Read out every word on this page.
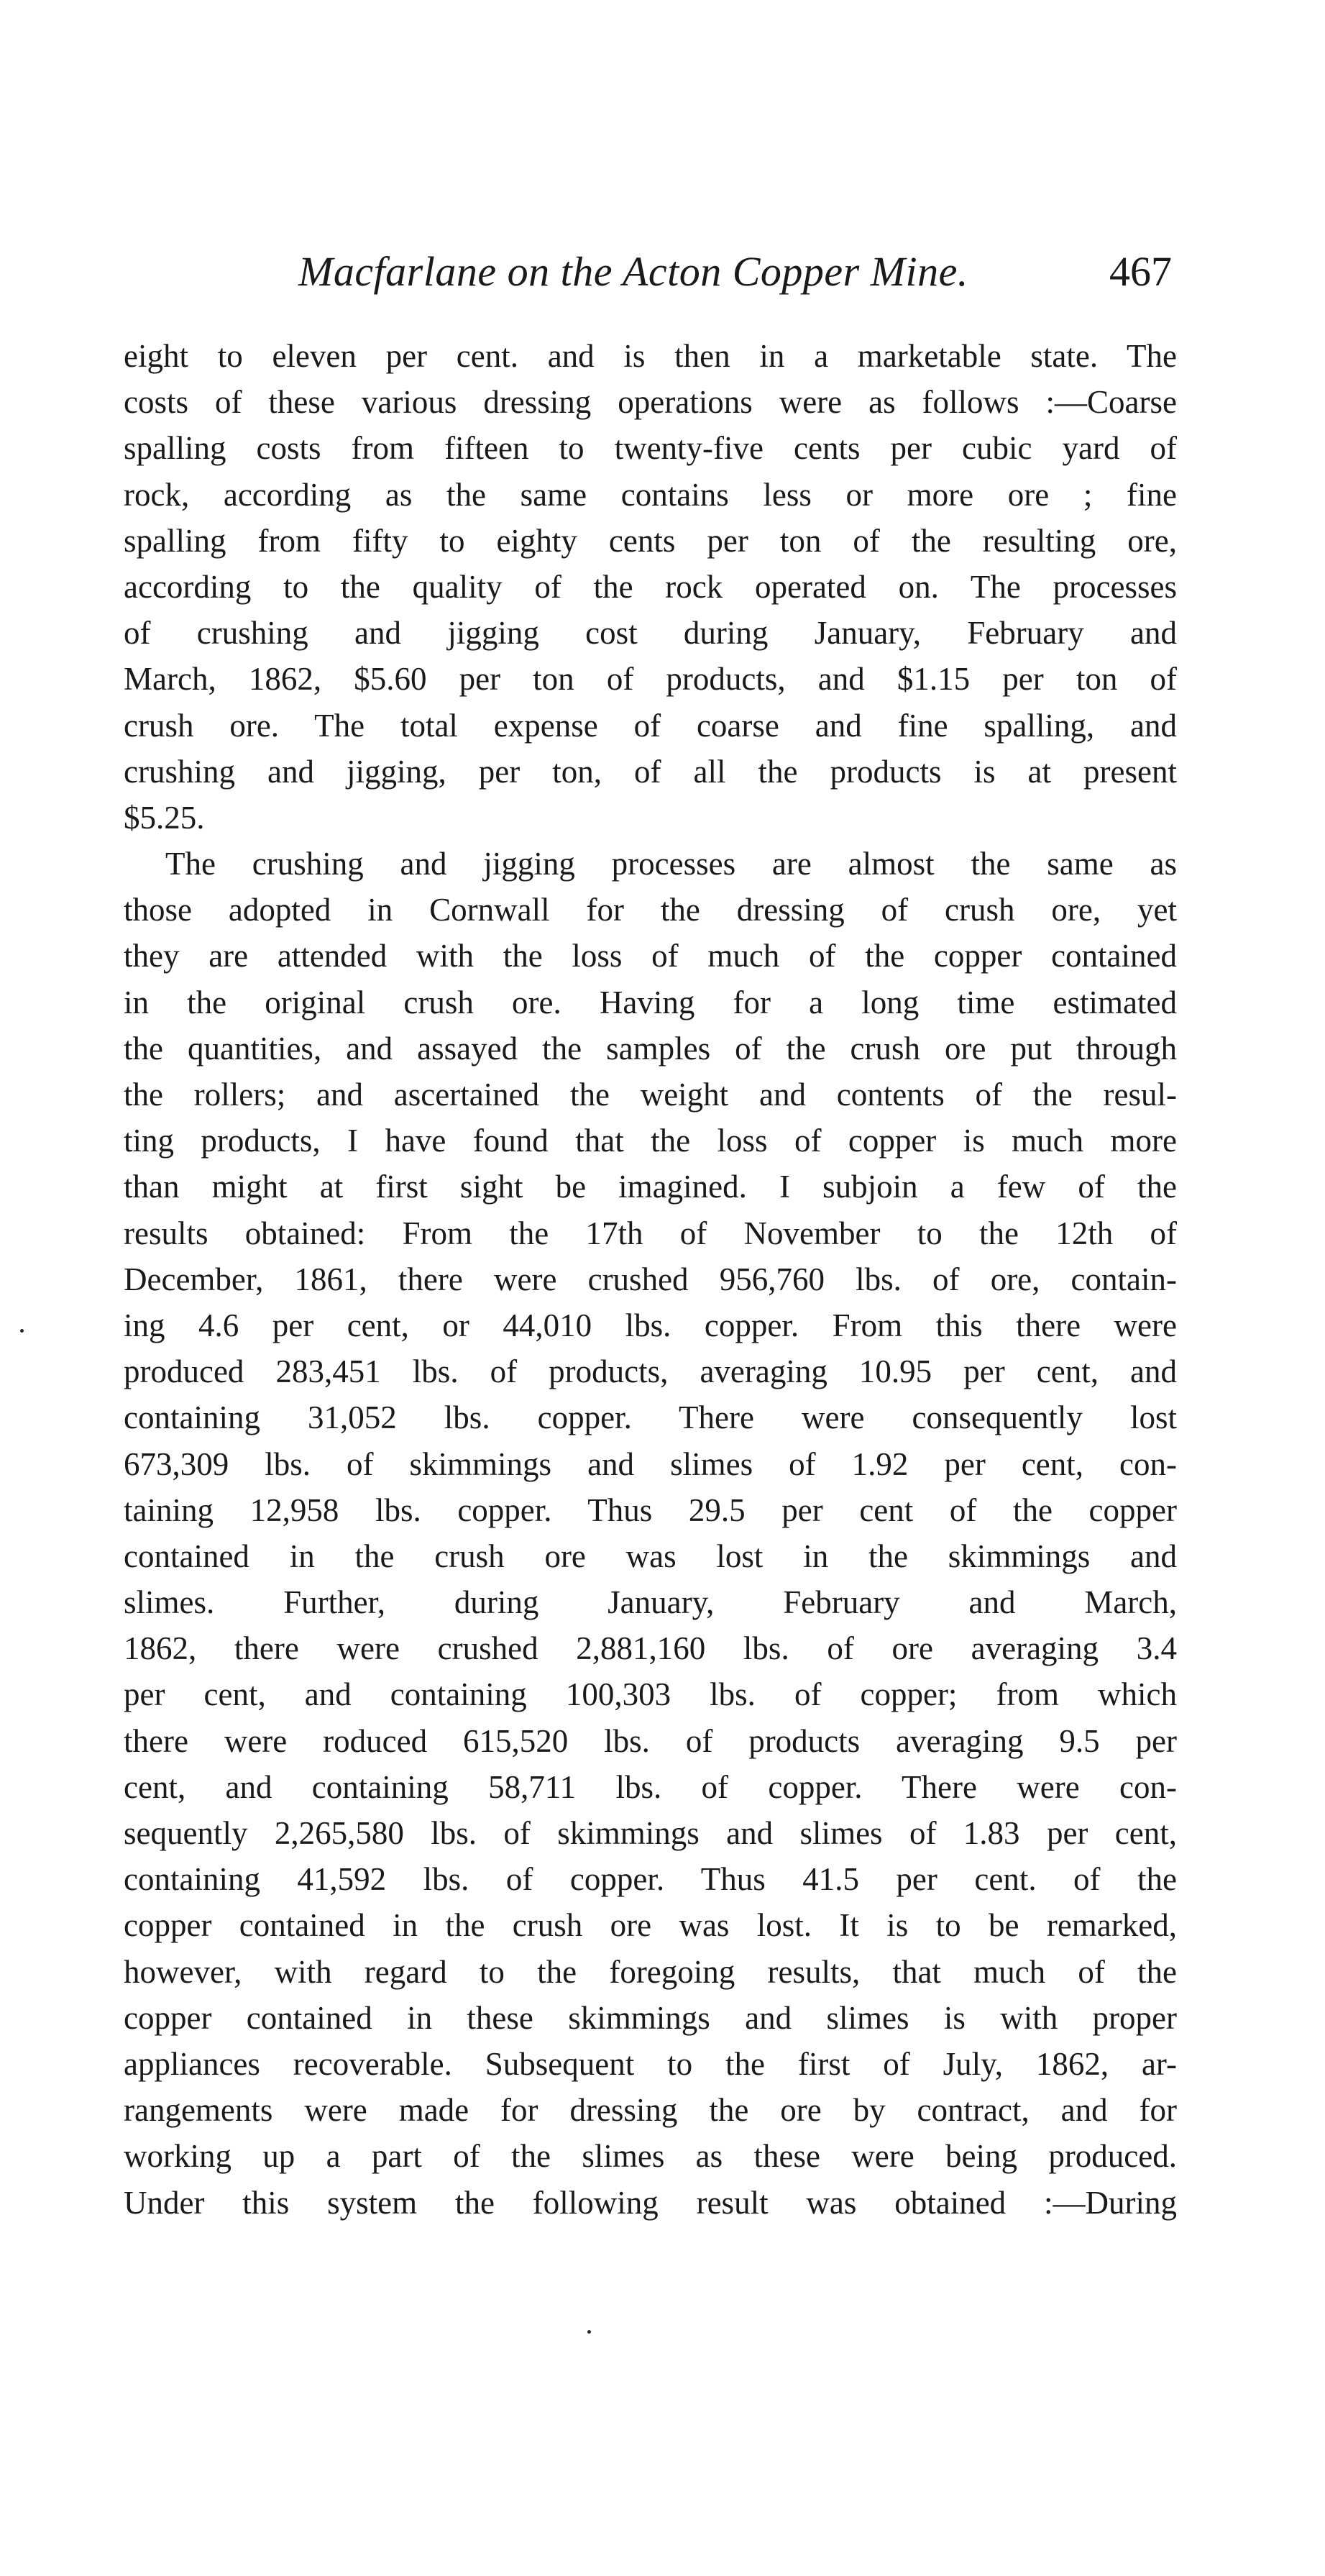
Macfarlane on the Acton Copper Mine.	467
eight to eleven per cent. and is then in a marketable state. The
costs of these various dressing operations were as follows :—Coarse
spalling costs from fifteen to twenty-five cents per cubic yard of
rock, according as the same contains less or more ore ; fine
spalling from fifty to eighty cents per ton of the resulting ore,
according to the quality of the rock operated on. The processes
of crushing and jigging cost during January, February and
March, 1862, $5.60 per ton of products, and $1.15 per ton of
crush ore. The total expense of coarse and fine spalling, and
crushing and jigging, per ton, of all the products is at present
$5.25.
The crushing and jigging processes are almost the same as
those adopted in Cornwall for the dressing of crush ore, yet
they are attended with the loss of much of the copper contained
in the original crush ore. Having for a long time estimated
the quantities, and assayed the samples of the crush ore put through
the rollers; and ascertained the weight and contents of the resul-
ting products, I have found that the loss of copper is much more
than might at first sight be imagined. I subjoin a few of the
results obtained: From the 17th of November to the 12th of
December, 1861, there were crushed 956,760 lbs. of ore, contain-
ing 4.6 per cent, or 44,010 lbs. copper. From this there were
produced 283,451 lbs. of products, averaging 10.95 per cent, and
containing 31,052 lbs. copper. There were consequently lost
673,309 lbs. of skimmings and slimes of 1.92 per cent, con-
taining 12,958 lbs. copper. Thus 29.5 per cent of the copper
contained in the crush ore was lost in the skimmings and
slimes. Further, during January, February and March,
1862, there were crushed 2,881,160 lbs. of ore averaging 3.4
per cent, and containing 100,303 lbs. of copper; from which
there were roduced 615,520 lbs. of products averaging 9.5 per
cent, and containing 58,711 lbs. of copper. There were con-
sequently 2,265,580 lbs. of skimmings and slimes of 1.83 per cent,
containing 41,592 lbs. of copper. Thus 41.5 per cent. of the
copper contained in the crush ore was lost. It is to be remarked,
however, with regard to the foregoing results, that much of the
copper contained in these skimmings and slimes is with proper
appliances recoverable. Subsequent to the first of July, 1862, ar-
rangements were made for dressing the ore by contract, and for
working up a part of the slimes as these were being produced.
Under this system the following result was obtained :—During
